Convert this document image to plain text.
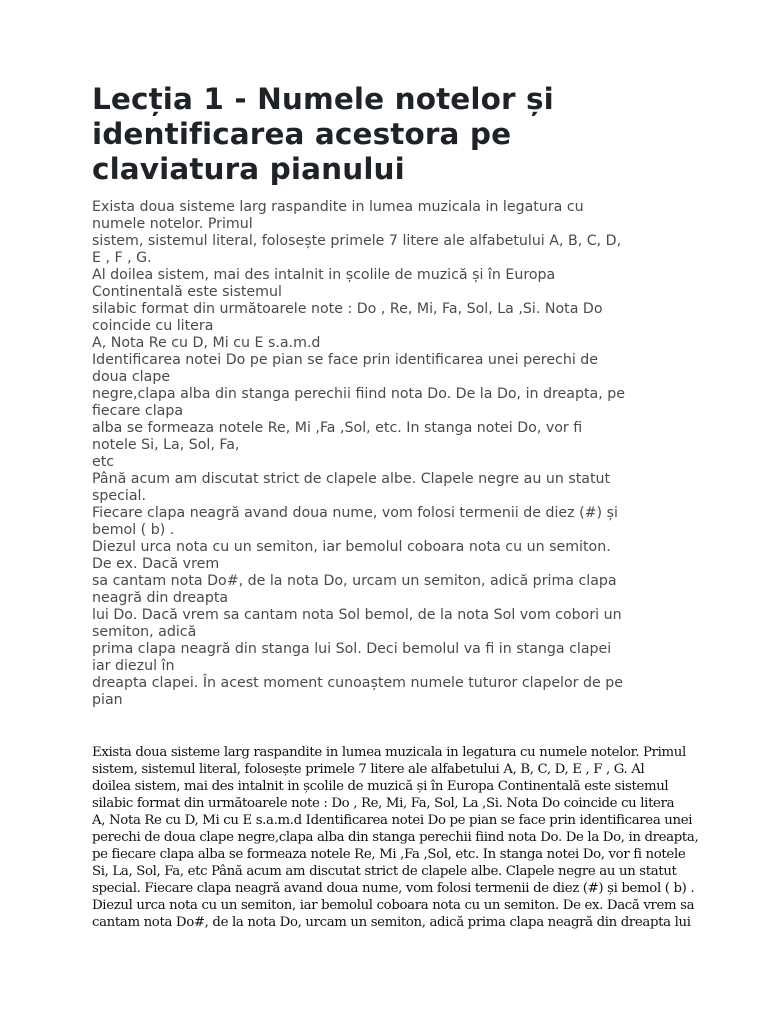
Lecția 1 - Numele notelor și
identificarea acestora pe
claviatura pianului
Exista doua sisteme larg raspandite in lumea muzicala in legatura cu
numele notelor. Primul
sistem, sistemul literal, folosește primele 7 litere ale alfabetului A, B, C, D,
E , F , G.
Al doilea sistem, mai des intalnit in școlile de muzică și în Europa
Continentală este sistemul
silabic format din următoarele note : Do , Re, Mi, Fa, Sol, La ,Si. Nota Do
coincide cu litera
A, Nota Re cu D, Mi cu E s.a.m.d
Identificarea notei Do pe pian se face prin identificarea unei perechi de
doua clape
negre,clapa alba din stanga perechii fiind nota Do. De la Do, in dreapta, pe
fiecare clapa
alba se formeaza notele Re, Mi ,Fa ,Sol, etc. In stanga notei Do, vor fi
notele Si, La, Sol, Fa,
etc
Până acum am discutat strict de clapele albe. Clapele negre au un statut
special.
Fiecare clapa neagră avand doua nume, vom folosi termenii de diez (#) și
bemol ( b) .
Diezul urca nota cu un semiton, iar bemolul coboara nota cu un semiton.
De ex. Dacă vrem
sa cantam nota Do#, de la nota Do, urcam un semiton, adică prima clapa
neagră din dreapta
lui Do. Dacă vrem sa cantam nota Sol bemol, de la nota Sol vom cobori un
semiton, adică
prima clapa neagră din stanga lui Sol. Deci bemolul va fi in stanga clapei
iar diezul în
dreapta clapei. În acest moment cunoaștem numele tuturor clapelor de pe
pian
Exista doua sisteme larg raspandite in lumea muzicala in legatura cu numele notelor. Primul
sistem, sistemul literal, folosește primele 7 litere ale alfabetului A, B, C, D, E , F , G. Al
doilea sistem, mai des intalnit in școlile de muzică și în Europa Continentală este sistemul
silabic format din următoarele note : Do , Re, Mi, Fa, Sol, La ,Si. Nota Do coincide cu litera
A, Nota Re cu D, Mi cu E s.a.m.d Identificarea notei Do pe pian se face prin identificarea unei
perechi de doua clape negre,clapa alba din stanga perechii fiind nota Do. De la Do, in dreapta,
pe fiecare clapa alba se formeaza notele Re, Mi ,Fa ,Sol, etc. In stanga notei Do, vor fi notele
Si, La, Sol, Fa, etc Până acum am discutat strict de clapele albe. Clapele negre au un statut
special. Fiecare clapa neagră avand doua nume, vom folosi termenii de diez (#) și bemol ( b) .
Diezul urca nota cu un semiton, iar bemolul coboara nota cu un semiton. De ex. Dacă vrem sa
cantam nota Do#, de la nota Do, urcam un semiton, adică prima clapa neagră din dreapta lui
